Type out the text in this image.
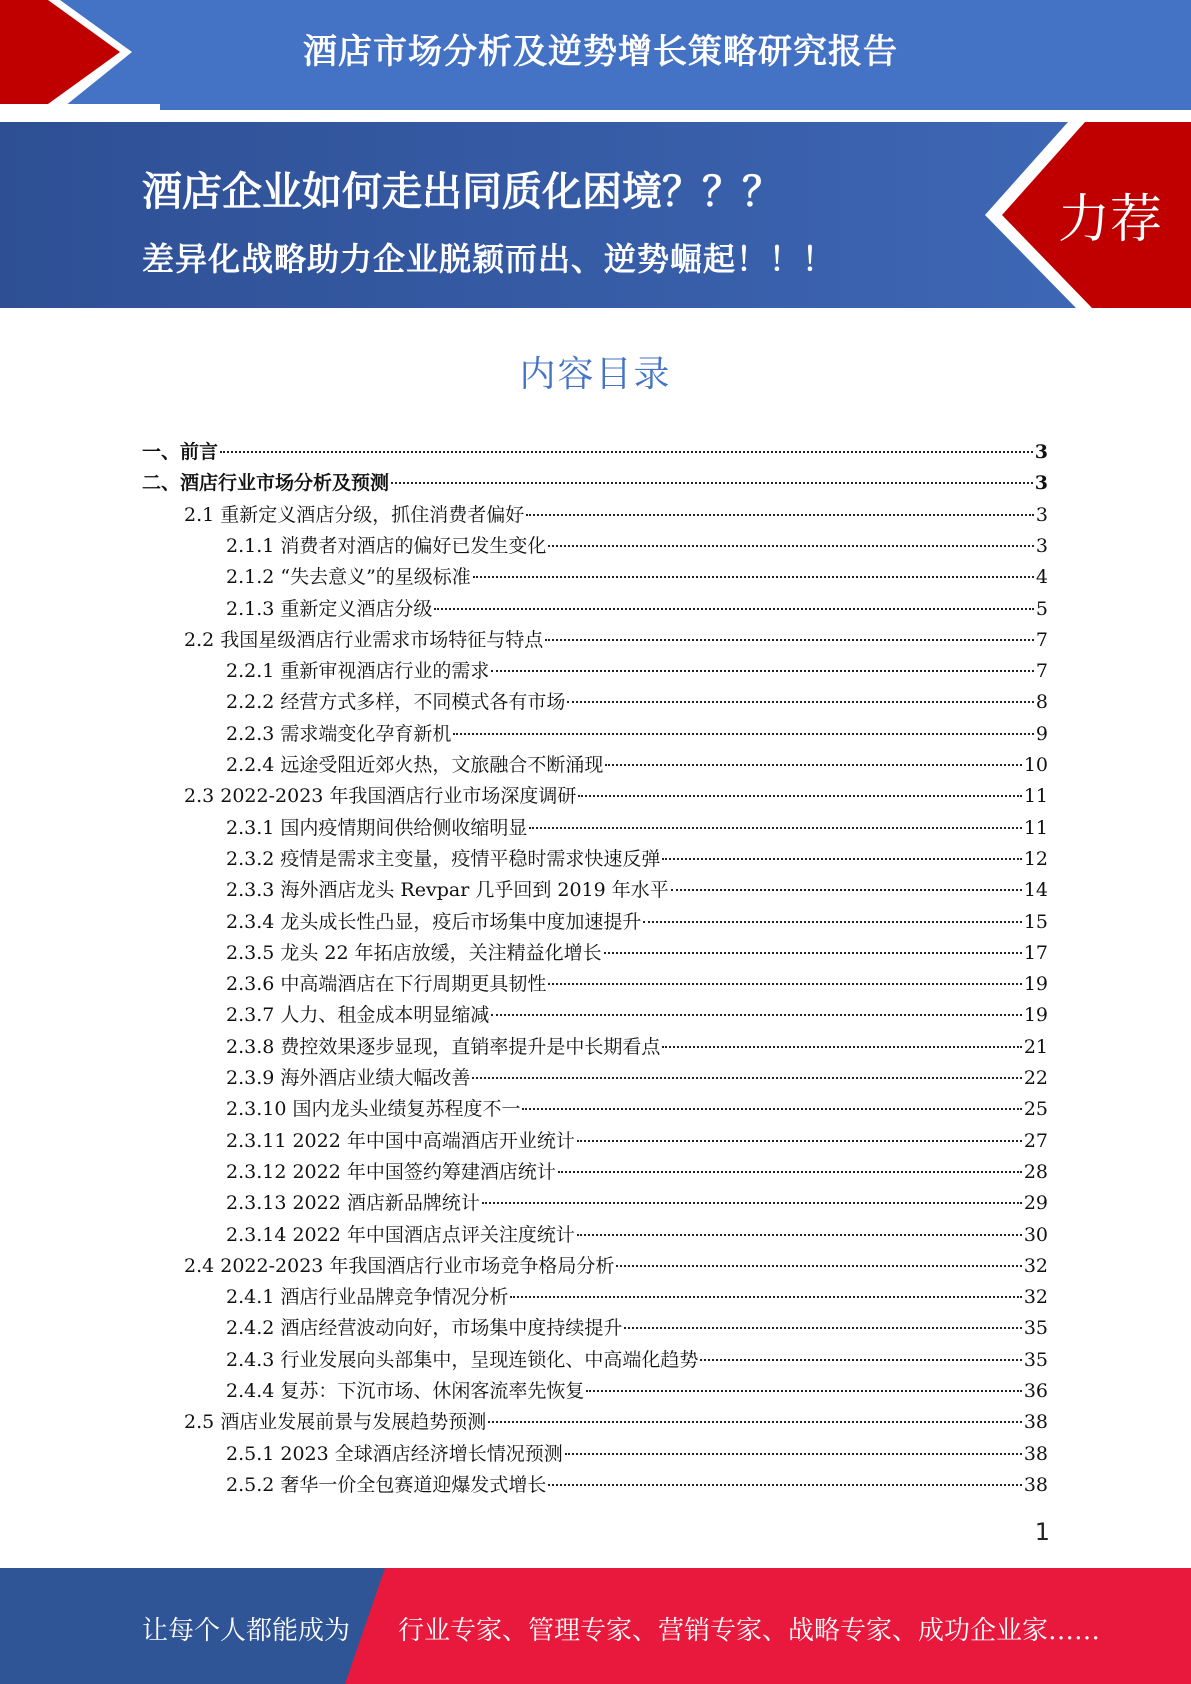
酒店市场分析及逆势增长策略研究报告
酒店企业如何走出同质化困境？？？
差异化战略助力企业脱颖而出、逆势崛起！！！
力荐
内容目录
一、前言	3
二、酒店行业市场分析及预测	3
2.1 重新定义酒店分级，抓住消费者偏好	3
2.1.1 消费者对酒店的偏好已发生变化	3
2.1.2 “失去意义”的星级标准	4
2.1.3 重新定义酒店分级	5
2.2 我国星级酒店行业需求市场特征与特点	7
2.2.1 重新审视酒店行业的需求	7
2.2.2 经营方式多样，不同模式各有市场	8
2.2.3 需求端变化孕育新机	9
2.2.4 远途受阻近郊火热，文旅融合不断涌现	10
2.3 2022-2023 年我国酒店行业市场深度调研	11
2.3.1 国内疫情期间供给侧收缩明显	11
2.3.2 疫情是需求主变量，疫情平稳时需求快速反弹	12
2.3.3 海外酒店龙头 Revpar 几乎回到 2019 年水平	14
2.3.4 龙头成长性凸显，疫后市场集中度加速提升	15
2.3.5 龙头 22 年拓店放缓，关注精益化增长	17
2.3.6 中高端酒店在下行周期更具韧性	19
2.3.7 人力、租金成本明显缩减	19
2.3.8 费控效果逐步显现，直销率提升是中长期看点	21
2.3.9 海外酒店业绩大幅改善	22
2.3.10 国内龙头业绩复苏程度不一	25
2.3.11 2022 年中国中高端酒店开业统计	27
2.3.12 2022 年中国签约筹建酒店统计	28
2.3.13 2022 酒店新品牌统计	29
2.3.14 2022 年中国酒店点评关注度统计	30
2.4 2022-2023 年我国酒店行业市场竞争格局分析	32
2.4.1 酒店行业品牌竞争情况分析	32
2.4.2 酒店经营波动向好，市场集中度持续提升	35
2.4.3 行业发展向头部集中，呈现连锁化、中高端化趋势	35
2.4.4 复苏：下沉市场、休闲客流率先恢复	36
2.5 酒店业发展前景与发展趋势预测	38
2.5.1 2023 全球酒店经济增长情况预测	38
2.5.2 奢华一价全包赛道迎爆发式增长	38
1
让每个人都能成为 行业专家、管理专家、营销专家、战略专家、成功企业家……
